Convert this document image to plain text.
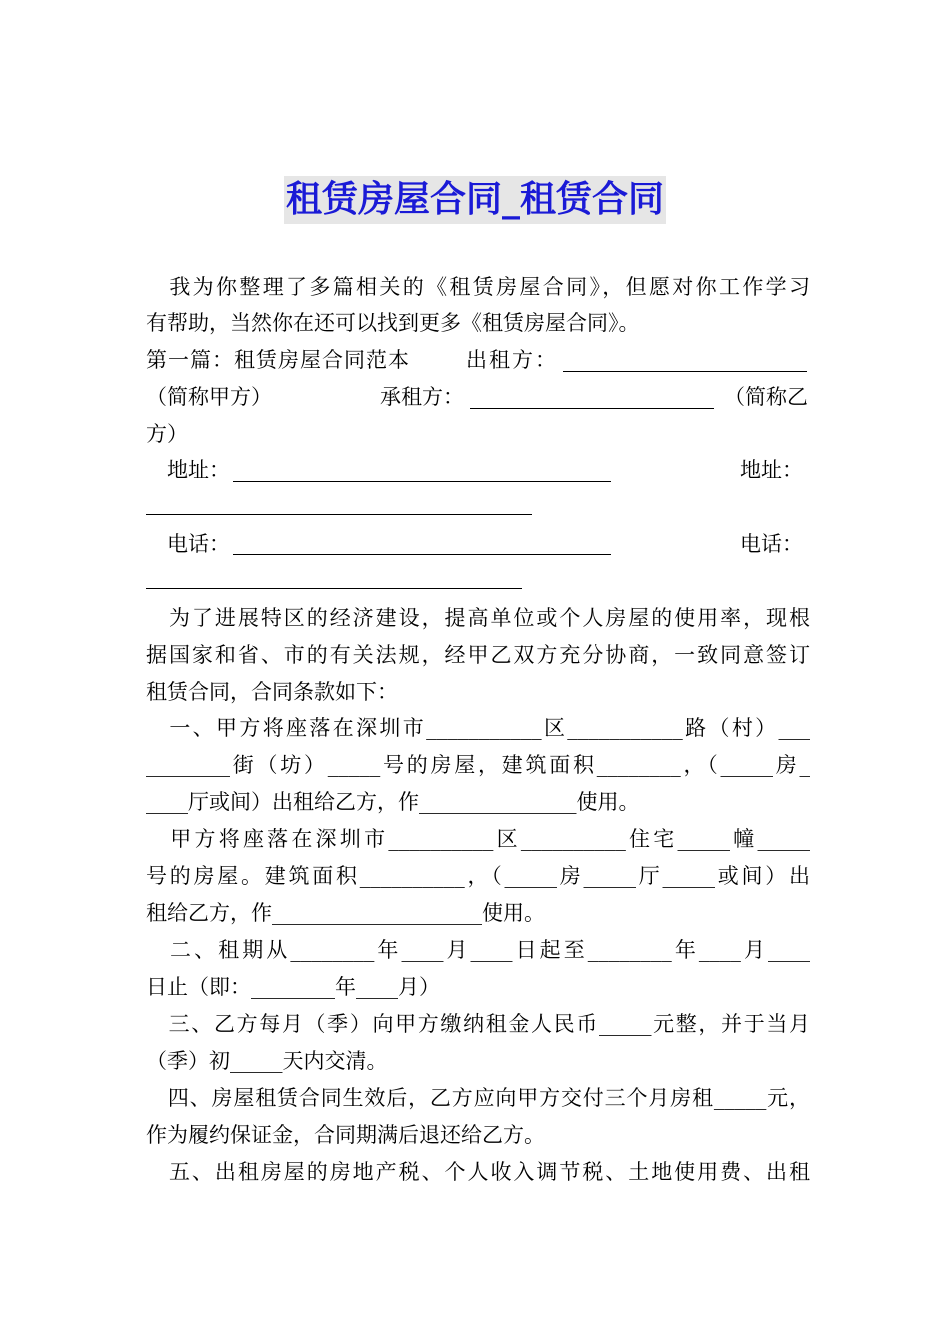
租赁房屋合同_租赁合同
　我为你整理了多篇相关的《租赁房屋合同》，但愿对你工作学习
有帮助，当然你在还可以找到更多《租赁房屋合同》。
第一篇：租赁房屋合同范本	出租方：
（简称甲方）	承租方：	（简称乙
方）
　地址：	地址：
　电话：	电话：
　为了进展特区的经济建设，提高单位或个人房屋的使用率，现根
据国家和省、市的有关法规，经甲乙双方充分协商，一致同意签订
租赁合同，合同条款如下：
　一、甲方将座落在深圳市___________区___________路（村）___
________街（坊）_____号的房屋，建筑面积________，（_____房_
____厅或间）出租给乙方，作_______________使用。
　甲方将座落在深圳市__________区__________住宅_____幢_____
号的房屋。建筑面积__________，（_____房_____厅_____或间）出
租给乙方，作____________________使用。
　二、租期从________年____月____日起至________年____月____
日止（即：________年____月）
　三、乙方每月（季）向甲方缴纳租金人民币_____元整，并于当月
（季）初_____天内交清。
　四、房屋租赁合同生效后，乙方应向甲方交付三个月房租_____元，
作为履约保证金，合同期满后退还给乙方。
　五、出租房屋的房地产税、个人收入调节税、土地使用费、出租
